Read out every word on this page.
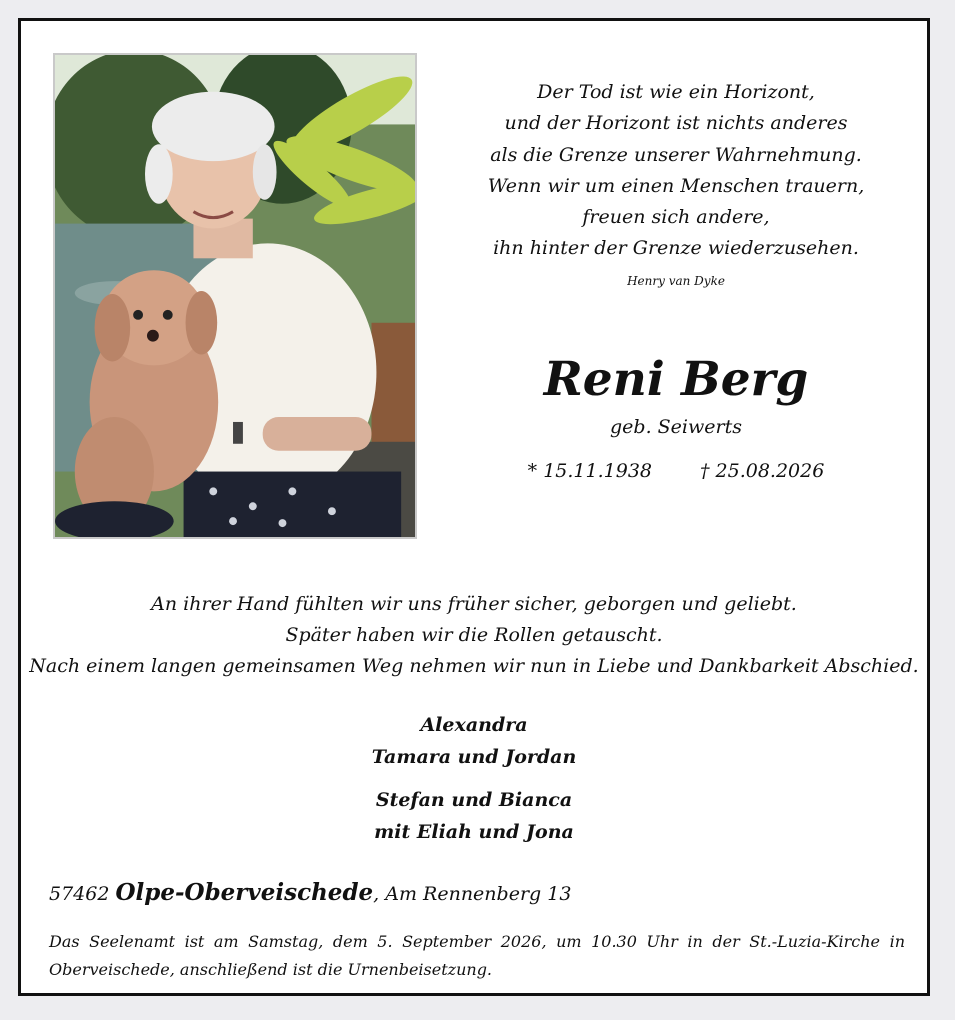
Der Tod ist wie ein Horizont,
und der Horizont ist nichts anderes
als die Grenze unserer Wahrnehmung.
Wenn wir um einen Menschen trauern,
freuen sich andere,
ihn hinter der Grenze wiederzusehen.
Henry van Dyke
Reni Berg
geb. Seiwerts
* 15.11.1938	† 25.08.2026
An ihrer Hand fühlten wir uns früher sicher, geborgen und geliebt.
Später haben wir die Rollen getauscht.
Nach einem langen gemeinsamen Weg nehmen wir nun in Liebe und Dankbarkeit Abschied.
Alexandra
Tamara und Jordan
Stefan und Bianca
mit Eliah und Jona
57462 Olpe-Oberveischede, Am Rennenberg 13
Das Seelenamt ist am Samstag, dem 5. September 2026, um 10.30 Uhr in der St.-Luzia-Kirche in Oberveischede, anschließend ist die Urnenbeisetzung.
